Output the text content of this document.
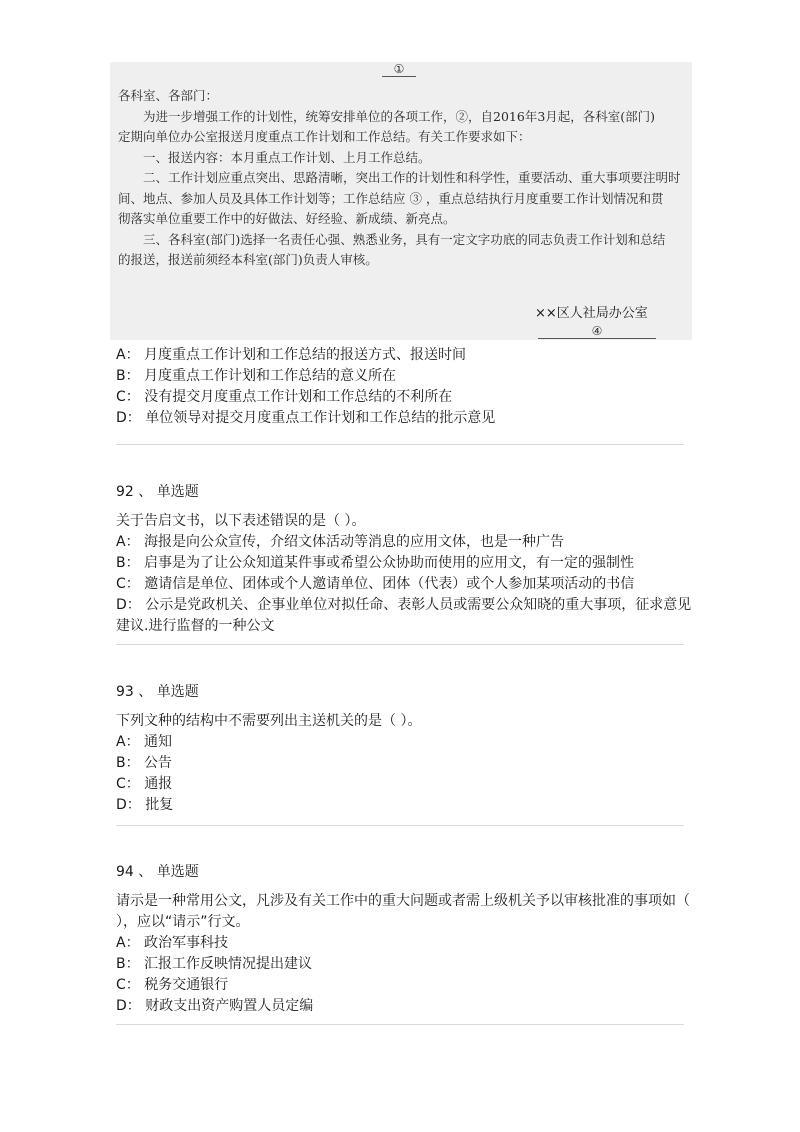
①
各科室、各部门：
　　为进一步增强工作的计划性，统筹安排单位的各项工作，②，自2016年3月起，各科室(部门)
定期向单位办公室报送月度重点工作计划和工作总结。有关工作要求如下：
　　一、报送内容：本月重点工作计划、上月工作总结。
　　二、工作计划应重点突出、思路清晰，突出工作的计划性和科学性，重要活动、重大事项要注明时
间、地点、参加人员及具体工作计划等；工作总结应 ③ ，重点总结执行月度重要工作计划情况和贯
彻落实单位重要工作中的好做法、好经验、新成绩、新亮点。
　　三、各科室(部门)选择一名责任心强、熟悉业务，具有一定文字功底的同志负责工作计划和总结
的报送，报送前须经本科室(部门)负责人审核。
××区人社局办公室
④
A： 月度重点工作计划和工作总结的报送方式、报送时间
B： 月度重点工作计划和工作总结的意义所在
C： 没有提交月度重点工作计划和工作总结的不利所在
D： 单位领导对提交月度重点工作计划和工作总结的批示意见
92 、 单选题
关于告启文书，以下表述错误的是（ ）。
A： 海报是向公众宣传，介绍文体活动等消息的应用文体，也是一种广告
B： 启事是为了让公众知道某件事或希望公众协助而使用的应用文，有一定的强制性
C： 邀请信是单位、团体或个人邀请单位、团体（代表）或个人参加某项活动的书信
D： 公示是党政机关、企事业单位对拟任命、表彰人员或需要公众知晓的重大事项，征求意见建议.进行监督的一种公文
93 、 单选题
下列文种的结构中不需要列出主送机关的是（ ）。
A： 通知
B： 公告
C： 通报
D： 批复
94 、 单选题
请示是一种常用公文，凡涉及有关工作中的重大问题或者需上级机关予以审核批准的事项如（ ），应以“请示”行文。
A： 政治军事科技
B： 汇报工作反映情况提出建议
C： 税务交通银行
D： 财政支出资产购置人员定编
